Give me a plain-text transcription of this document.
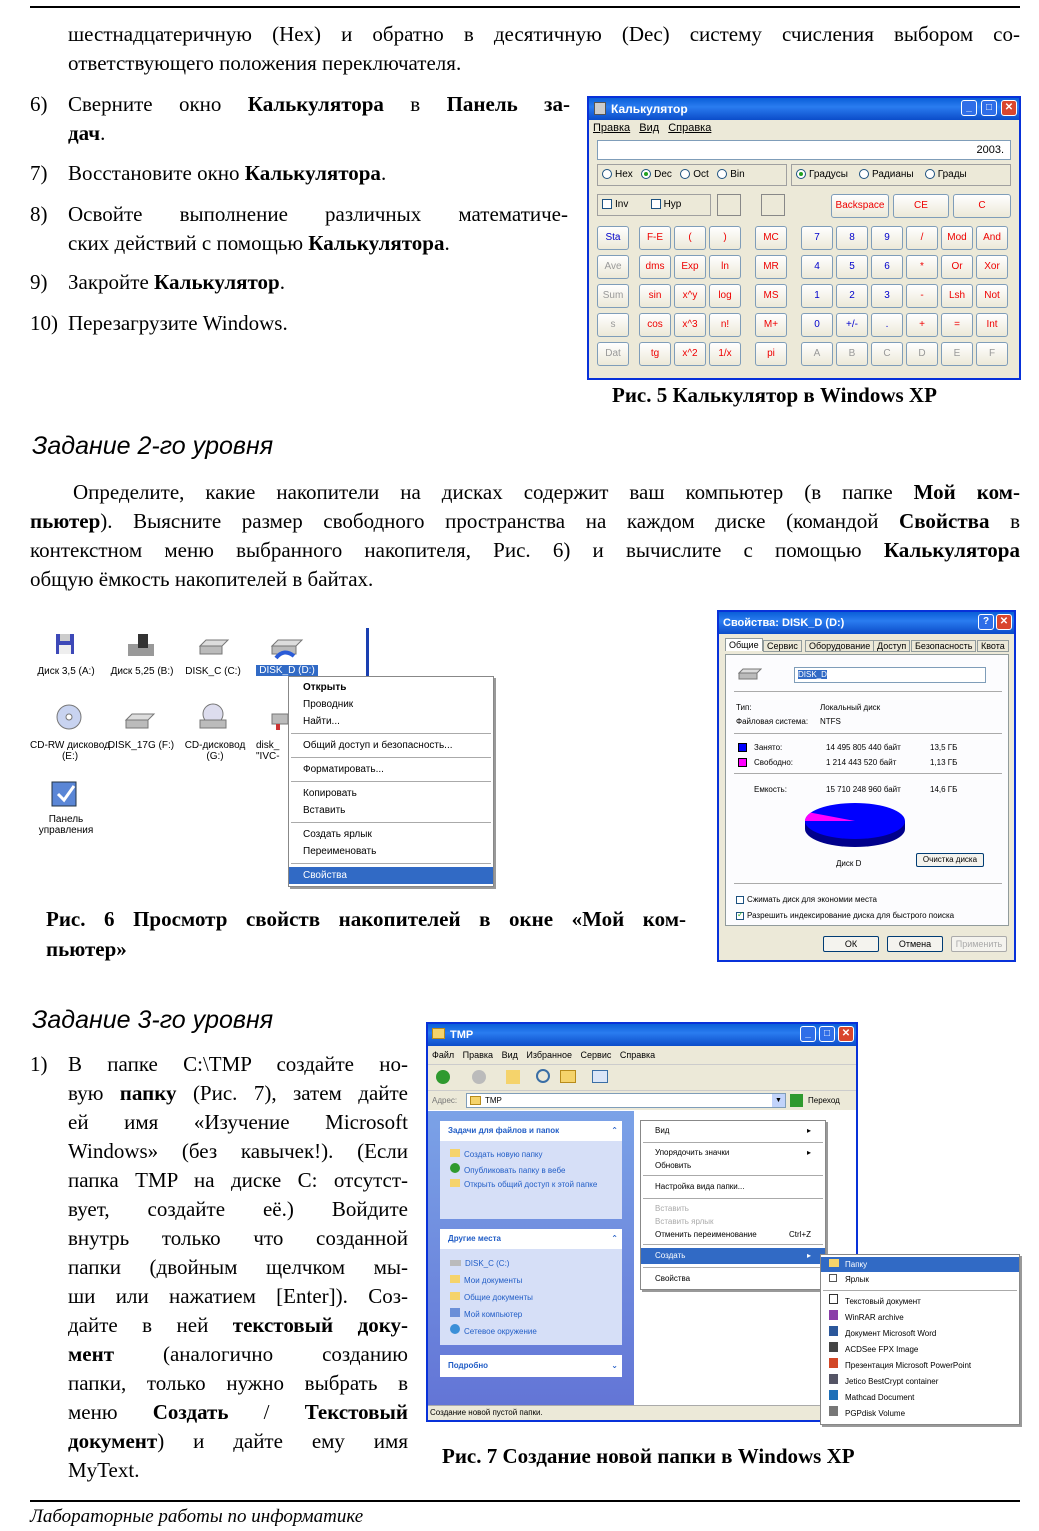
шестнадцатеричную (Hex) и обратно в десятичную (Dec) систему счисления выбором со-
ответствующего положения переключателя.
6) Сверните окно Калькулятора в Панель за-
дач.
7) Восстановите окно Калькулятора.
8) Освойте выполнение различных математиче-
ских действий с помощью Калькулятора.
9) Закройте Калькулятор.
10) Перезагрузите Windows.
Калькулятор	_	□	✕
Правка Вид Справка
2003.
Hex Dec Oct Bin	Градусы Радианы Грады
Inv	Hyp	Backspace	CE	C
Sta	F-E	(	)	MC	7	8	9	/	Mod	And
Ave	dms	Exp	ln	MR	4	5	6	*	Or	Xor
Sum	sin	x^y	log	MS	1	2	3	-	Lsh	Not
s	cos	x^3	n!	M+	0	+/-	.	+	=	Int
Dat	tg	x^2	1/x	pi	A	B	C	D	E	F
Рис. 5 Калькулятор в Windows XP
Задание 2-го уровня
Определите, какие накопители на дисках содержит ваш компьютер (в папке Мой ком-
пьютер). Выясните размер свободного пространства на каждом диске (командой Свойства в
контекстном меню выбранного накопителя, Рис. 6) и вычислите с помощью Калькулятора
общую ёмкость накопителей в байтах.
Диск 3,5 (A:)	Диск 5,25 (B:)	DISK_C (C:)	DISK_D (D:)
CD-RW дисковод (E:)
DISK_17G (F:)	CD-дисковод (G:)
disk_ "IVC-
Панель управления
Открыть
Проводник
Найти...
Общий доступ и безопасность...
Форматировать...
Копировать
Вставить
Создать ярлык
Переименовать
Свойства
Рис. 6 Просмотр свойств накопителей в окне «Мой ком-
пьютер»
Свойства: DISK_D (D:)	?	✕
Общие Сервис	Оборудование Доступ Безопасность Квота
DISK_D
Тип:	Локальный диск
Файловая система: NTFS
Занято:	14 495 805 440 байт	13,5 ГБ
Свободно:	1 214 443 520 байт	1,13 ГБ
Емкость:	15 710 248 960 байт	14,6 ГБ
Диск D	Очистка диска
Сжимать диск для экономии места
✓ Разрешить индексирование диска для быстрого поиска
ОК	Отмена	Применить
Задание 3-го уровня
1) В папке C:\TMP создайте но-
вую папку (Рис. 7), затем дайте
ей имя «Изучение Microsoft
Windows» (без кавычек!). (Если
папка TMP на диске C: отсутст-
вует, создайте её.) Войдите
внутрь только что созданной
папки (двойным щелчком мы-
ши или нажатием [Enter]). Соз-
дайте в ней текстовый доку-
мент (аналогично созданию
папки, только нужно выбрать в
меню Создать / Текстовый
документ) и дайте ему имя
MyText.
TMP	_	□	✕
Файл Правка Вид Избранное Сервис Справка
Адрес:	TMP	▼	Переход
Задачи для файлов и папок	⌃
Создать новую папку
Опубликовать папку в вебе
Открыть общий доступ к этой папке
Другие места	⌃
DISK_C (C:)
Мои документы
Общие документы
Мой компьютер
Сетевое окружение
Подробно	⌄
Создание новой пустой папки.
Вид	▸
Упорядочить значки	▸
Обновить
Настройка вида папки...
Вставить
Вставить ярлык
Отменить переименование	Ctrl+Z
Создать	▸
Свойства
Папку
Ярлык
Текстовый документ
WinRAR archive
Документ Microsoft Word
ACDSee FPX Image
Презентация Microsoft PowerPoint
Jetico BestCrypt container
Mathcad Document
PGPdisk Volume
Рис. 7 Создание новой папки в Windows XP
Лабораторные работы по информатике
